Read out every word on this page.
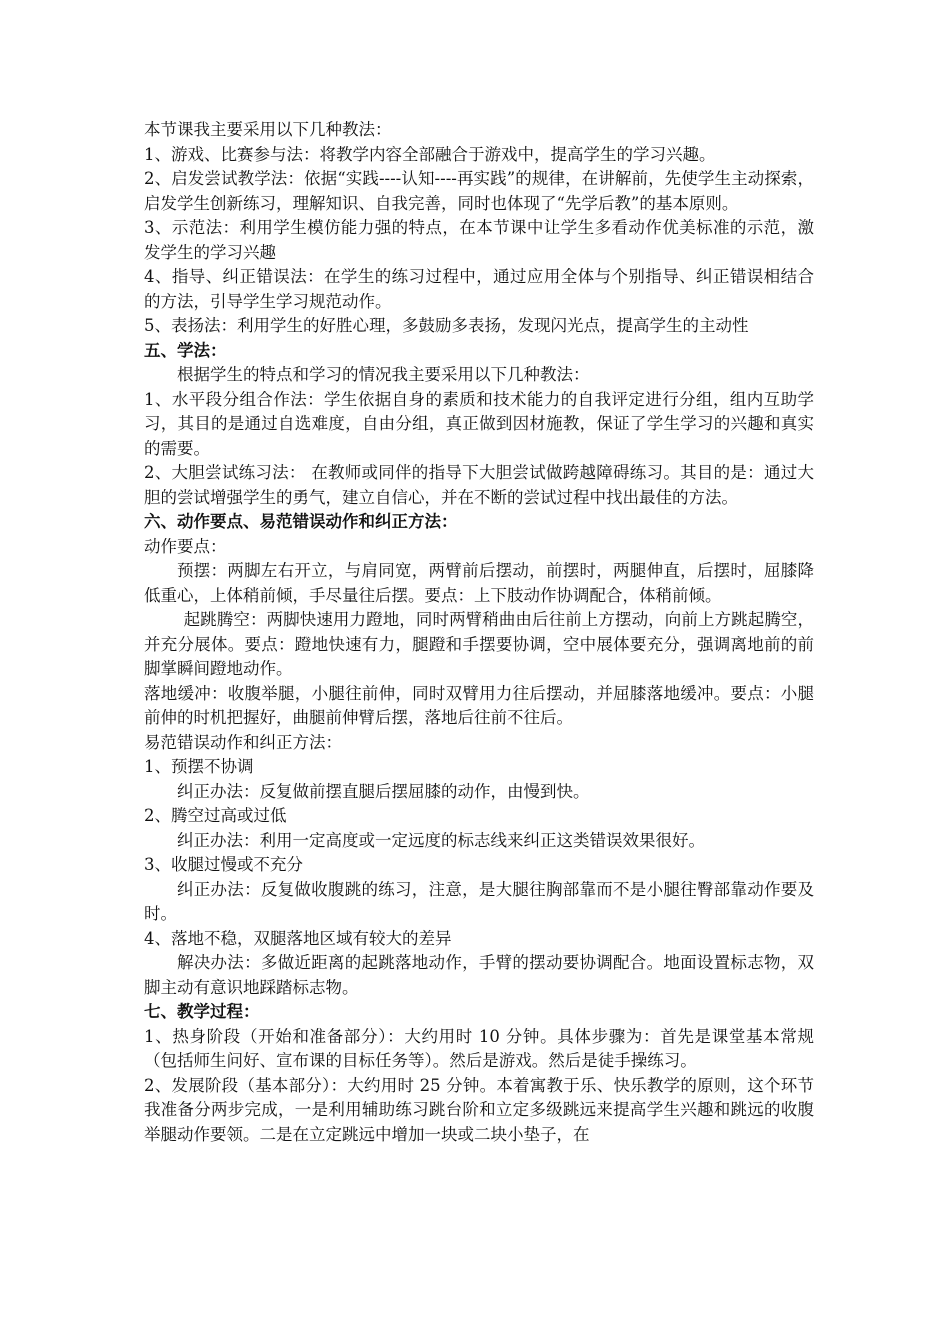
本节课我主要采用以下几种教法：

1、游戏、比赛参与法：将教学内容全部融合于游戏中，提高学生的学习兴趣。

2、启发尝试教学法：依据“实践----认知----再实践”的规律，在讲解前，先使学生主动探索，启发学生创新练习，理解知识、自我完善，同时也体现了“先学后教”的基本原则。

3、示范法：利用学生模仿能力强的特点，在本节课中让学生多看动作优美标准的示范，激发学生的学习兴趣

4、指导、纠正错误法：在学生的练习过程中，通过应用全体与个别指导、纠正错误相结合的方法，引导学生学习规范动作。

5、表扬法：利用学生的好胜心理，多鼓励多表扬，发现闪光点，提高学生的主动性

五、学法：

根据学生的特点和学习的情况我主要采用以下几种教法：

1、水平段分组合作法：学生依据自身的素质和技术能力的自我评定进行分组，组内互助学习，其目的是通过自选难度，自由分组，真正做到因材施教，保证了学生学习的兴趣和真实的需要。

2、大胆尝试练习法： 在教师或同伴的指导下大胆尝试做跨越障碍练习。其目的是：通过大胆的尝试增强学生的勇气，建立自信心，并在不断的尝试过程中找出最佳的方法。

六、动作要点、易范错误动作和纠正方法：

动作要点：

预摆：两脚左右开立，与肩同宽，两臂前后摆动，前摆时，两腿伸直，后摆时，屈膝降低重心，上体稍前倾，手尽量往后摆。要点：上下肢动作协调配合，体稍前倾。

起跳腾空：两脚快速用力蹬地，同时两臂稍曲由后往前上方摆动，向前上方跳起腾空，并充分展体。要点：蹬地快速有力，腿蹬和手摆要协调，空中展体要充分，强调离地前的前脚掌瞬间蹬地动作。

落地缓冲：收腹举腿，小腿往前伸，同时双臂用力往后摆动，并屈膝落地缓冲。要点：小腿前伸的时机把握好，曲腿前伸臂后摆，落地后往前不往后。

易范错误动作和纠正方法：

1、预摆不协调

纠正办法：反复做前摆直腿后摆屈膝的动作，由慢到快。

2、腾空过高或过低

纠正办法：利用一定高度或一定远度的标志线来纠正这类错误效果很好。

3、收腿过慢或不充分

纠正办法：反复做收腹跳的练习，注意，是大腿往胸部靠而不是小腿往臀部靠动作要及时。

4、落地不稳，双腿落地区域有较大的差异

解决办法：多做近距离的起跳落地动作，手臂的摆动要协调配合。地面设置标志物，双脚主动有意识地踩踏标志物。

七、教学过程：

1、热身阶段（开始和准备部分）：大约用时 10 分钟。具体步骤为：首先是课堂基本常规（包括师生问好、宣布课的目标任务等）。然后是游戏。然后是徒手操练习。

2、发展阶段（基本部分）：大约用时 25 分钟。本着寓教于乐、快乐教学的原则，这个环节我准备分两步完成，一是利用辅助练习跳台阶和立定多级跳远来提高学生兴趣和跳远的收腹举腿动作要领。二是在立定跳远中增加一块或二块小垫子，在
